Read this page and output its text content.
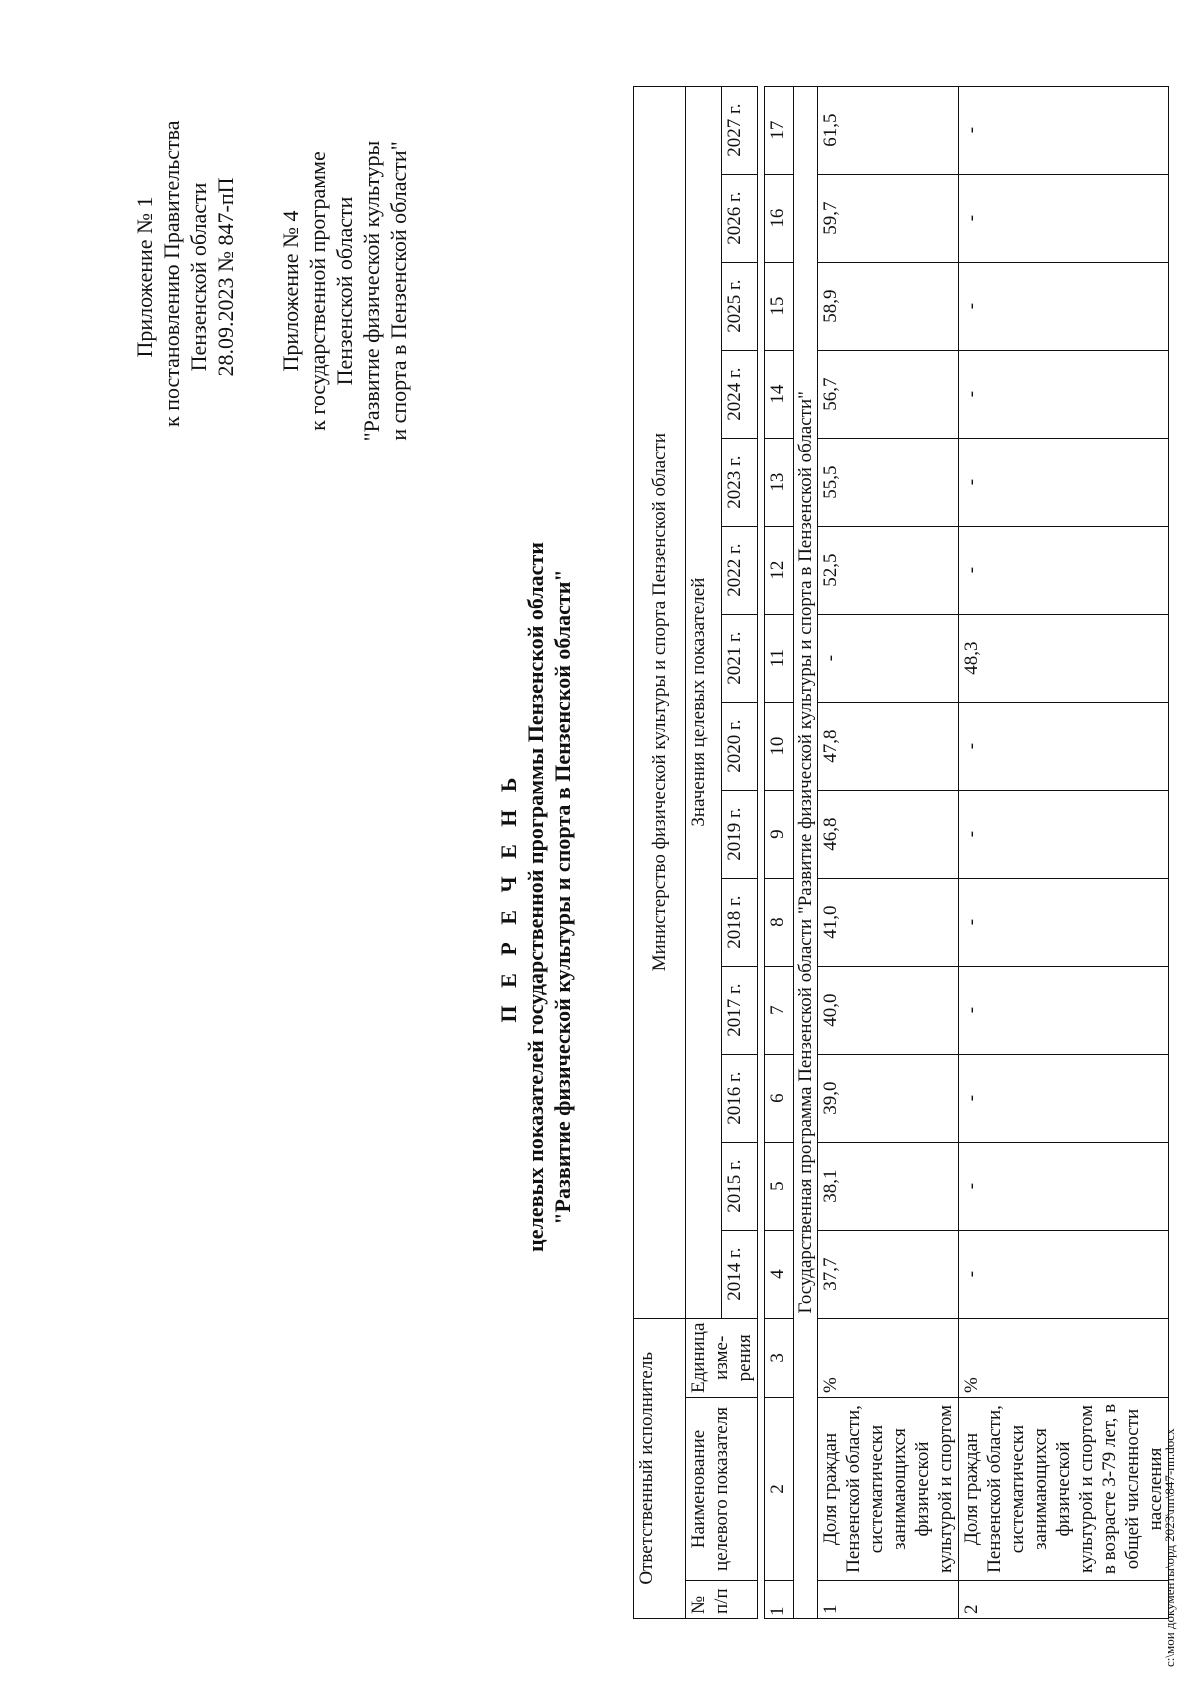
Приложение № 1 к постановлению Правительства Пензенской области 28.09.2023 № 847-пП Приложение № 4 к государственной программе Пензенской области "Развитие физической культуры и спорта в Пензенской области"
П Е Р Е Ч Е Н Ь целевых показателей государственной программы Пензенской области "Развитие физической культуры и спорта в Пензенской области"
Ответственный исполнитель			Министерство физической культуры и спорта Пензенской области													
№ п/п	Наименование целевого показателя	Единица изме-рения	Значения целевых показателей													
			2014 г.	2015 г.	2016 г.	2017 г.	2018 г.	2019 г.	2020 г.	2021 г.	2022 г.	2023 г.	2024 г.	2025 г.	2026 г.	2027 г.

1	2	3	4	5	6	7	8	9	10	11	12	13	14	15	16	17
Государственная программа Пензенской области "Развитие физической культуры и спорта в Пензенской области"																
1	Доля граждан Пензенской области, систематически занимающихся физической культурой и спортом	%	37,7	38,1	39,0	40,0	41,0	46,8	47,8	-	52,5	55,5	56,7	58,9	59,7	61,5
2	Доля граждан Пензенской области, систематически занимающихся физической культурой и спортом в возрасте 3-79 лет, в общей численности населения	%	-	-	-	-	-	-	-	48,3	-	-	-	-	-	-
c:\мои документы\орд 2023\пп\847-пп.docx
